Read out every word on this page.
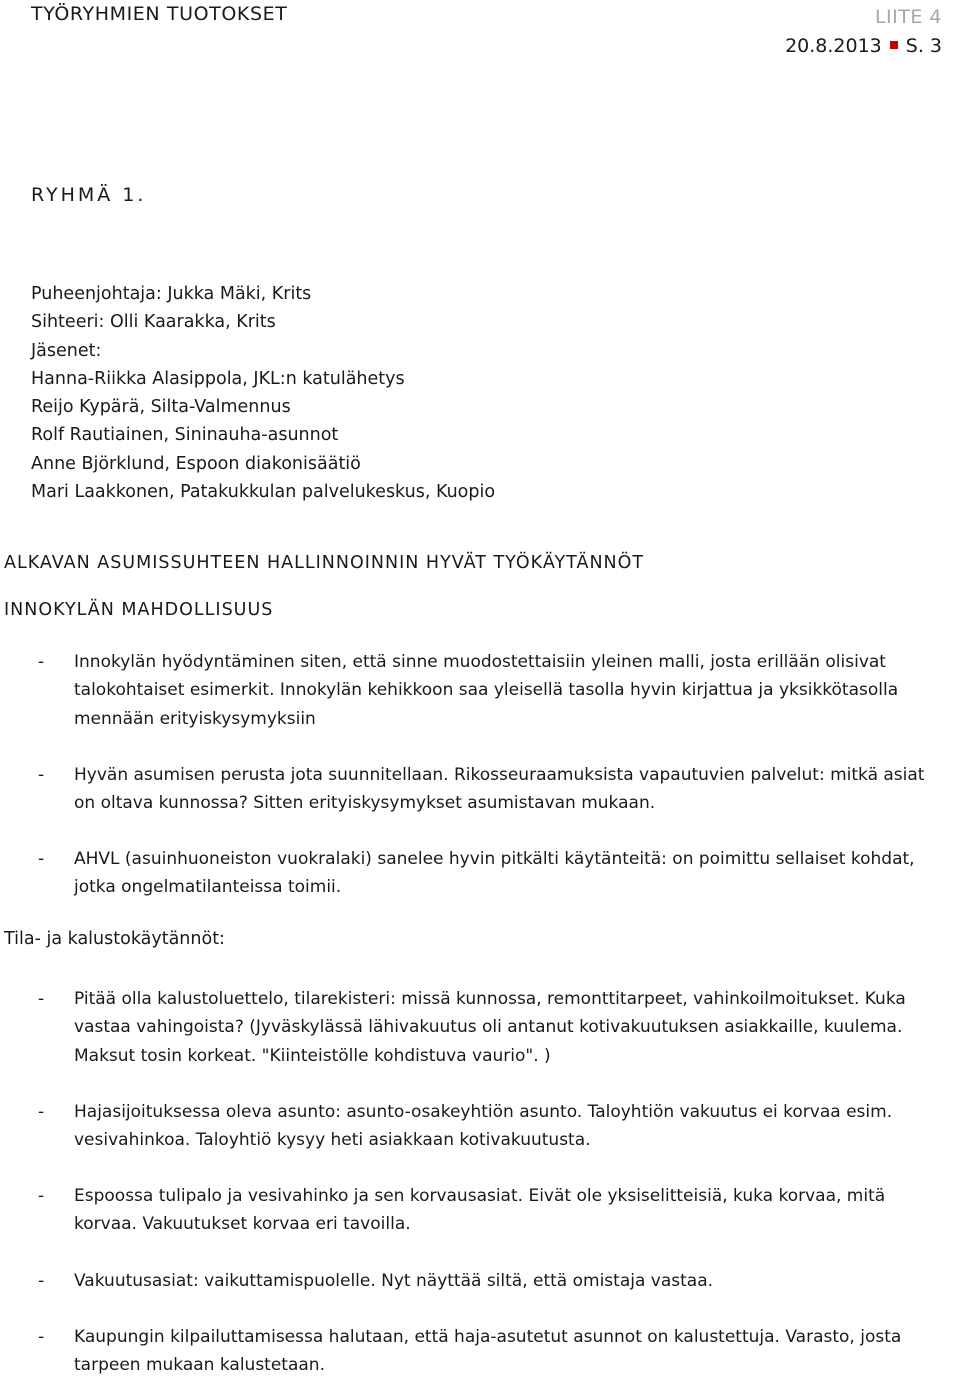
TYÖRYHMIEN TUOTOKSET	LIITE 4
20.8.2013 S. 3
RYHMÄ 1.
Puheenjohtaja: Jukka Mäki, Krits
Sihteeri: Olli Kaarakka, Krits
Jäsenet:
Hanna-Riikka Alasippola, JKL:n katulähetys
Reijo Kypärä, Silta-Valmennus
Rolf Rautiainen, Sininauha-asunnot
Anne Björklund, Espoon diakonisäätiö
Mari Laakkonen, Patakukkulan palvelukeskus, Kuopio
ALKAVAN ASUMISSUHTEEN HALLINNOINNIN HYVÄT TYÖKÄYTÄNNÖT
INNOKYLÄN MAHDOLLISUUS
- Innokylän hyödyntäminen siten, että sinne muodostettaisiin yleinen malli, josta erillään olisivat talokohtaiset esimerkit. Innokylän kehikkoon saa yleisellä tasolla hyvin kirjattua ja yksikkötasolla mennään erityiskysymyksiin
- Hyvän asumisen perusta jota suunnitellaan. Rikosseuraamuksista vapautuvien palvelut: mitkä asiat on oltava kunnossa? Sitten erityiskysymykset asumistavan mukaan.
- AHVL (asuinhuoneiston vuokralaki) sanelee hyvin pitkälti käytänteitä: on poimittu sellaiset kohdat, jotka ongelmatilanteissa toimii.
Tila- ja kalustokäytännöt:
- Pitää olla kalustoluettelo, tilarekisteri: missä kunnossa, remonttitarpeet, vahinkoilmoitukset. Kuka vastaa vahingoista? (Jyväskylässä lähivakuutus oli antanut kotivakuutuksen asiakkaille, kuulema. Maksut tosin korkeat. "Kiinteistölle kohdistuva vaurio". )
- Hajasijoituksessa oleva asunto: asunto-osakeyhtiön asunto. Taloyhtiön vakuutus ei korvaa esim. vesivahinkoa. Taloyhtiö kysyy heti asiakkaan kotivakuutusta.
- Espoossa tulipalo ja vesivahinko ja sen korvausasiat. Eivät ole yksiselitteisiä, kuka korvaa, mitä korvaa. Vakuutukset korvaa eri tavoilla.
- Vakuutusasiat: vaikuttamispuolelle. Nyt näyttää siltä, että omistaja vastaa.
- Kaupungin kilpailuttamisessa halutaan, että haja-asutetut asunnot on kalustettuja. Varasto, josta tarpeen mukaan kalustetaan.
